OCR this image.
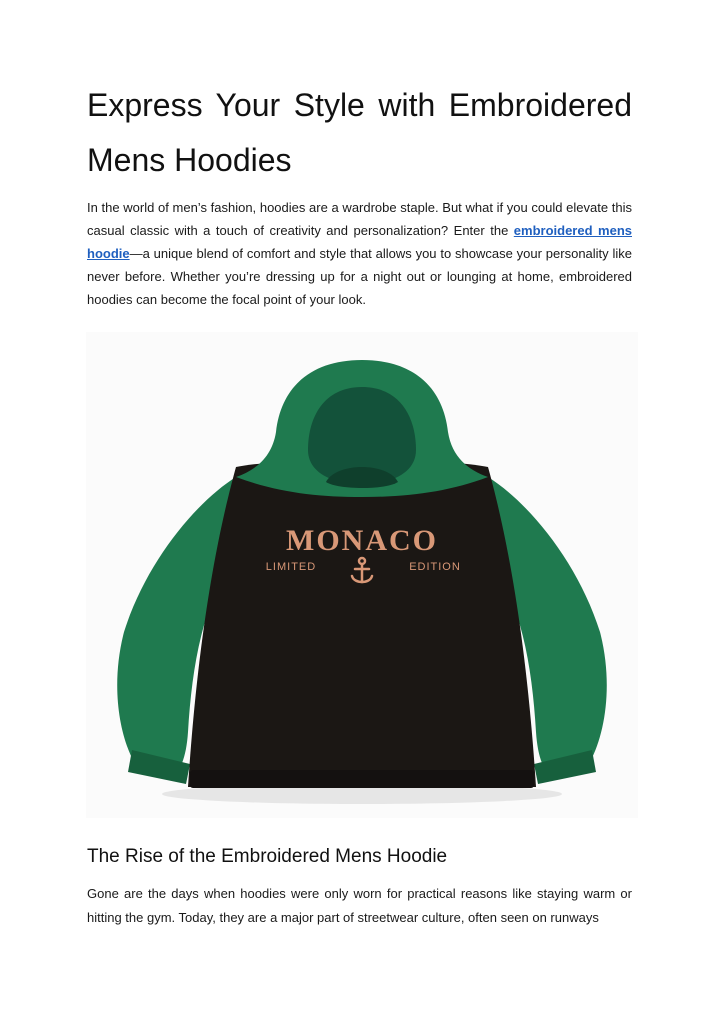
Express Your Style with Embroidered Mens Hoodies

In the world of men’s fashion, hoodies are a wardrobe staple. But what if you could elevate this casual classic with a touch of creativity and personalization? Enter the embroidered mens hoodie—a unique blend of comfort and style that allows you to showcase your personality like never before. Whether you’re dressing up for a night out or lounging at home, embroidered hoodies can become the focal point of your look.

MONACO
LIMITED	EDITION
The Rise of the Embroidered Mens Hoodie

Gone are the days when hoodies were only worn for practical reasons like staying warm or hitting the gym. Today, they are a major part of streetwear culture, often seen on runways
